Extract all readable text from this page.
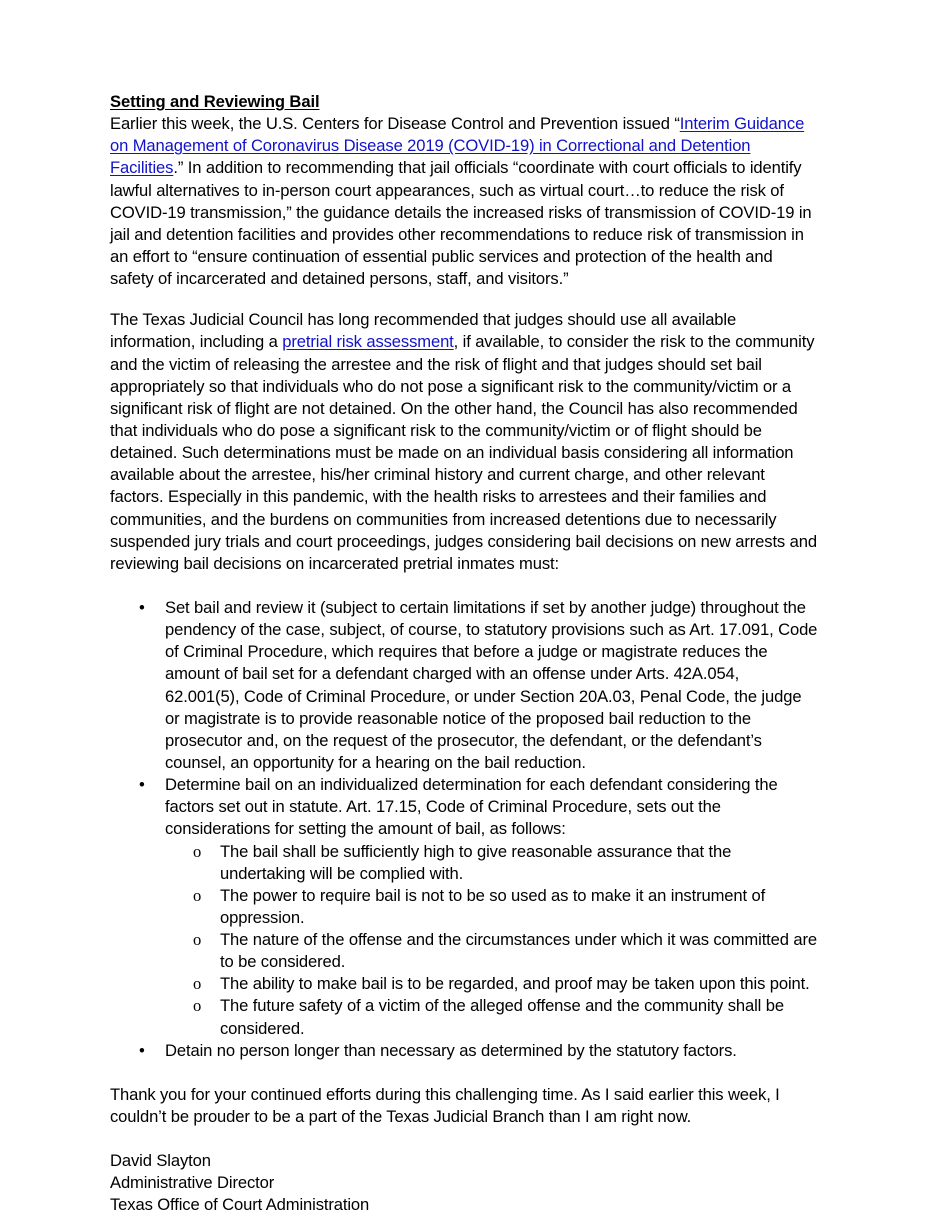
Setting and Reviewing Bail

Earlier this week, the U.S. Centers for Disease Control and Prevention issued “Interim Guidance on Management of Coronavirus Disease 2019 (COVID-19) in Correctional and Detention Facilities.” In addition to recommending that jail officials “coordinate with court officials to identify lawful alternatives to in-person court appearances, such as virtual court…to reduce the risk of COVID-19 transmission,” the guidance details the increased risks of transmission of COVID-19 in jail and detention facilities and provides other recommendations to reduce risk of transmission in an effort to “ensure continuation of essential public services and protection of the health and safety of incarcerated and detained persons, staff, and visitors.”

The Texas Judicial Council has long recommended that judges should use all available information, including a pretrial risk assessment, if available, to consider the risk to the community and the victim of releasing the arrestee and the risk of flight and that judges should set bail appropriately so that individuals who do not pose a significant risk to the community/victim or a significant risk of flight are not detained. On the other hand, the Council has also recommended that individuals who do pose a significant risk to the community/victim or of flight should be detained. Such determinations must be made on an individual basis considering all information available about the arrestee, his/her criminal history and current charge, and other relevant factors. Especially in this pandemic, with the health risks to arrestees and their families and communities, and the burdens on communities from increased detentions due to necessarily suspended jury trials and court proceedings, judges considering bail decisions on new arrests and reviewing bail decisions on incarcerated pretrial inmates must:

•	Set bail and review it (subject to certain limitations if set by another judge) throughout the pendency of the case, subject, of course, to statutory provisions such as Art. 17.091, Code of Criminal Procedure, which requires that before a judge or magistrate reduces the amount of bail set for a defendant charged with an offense under Arts. 42A.054, 62.001(5), Code of Criminal Procedure, or under Section 20A.03, Penal Code, the judge or magistrate is to provide reasonable notice of the proposed bail reduction to the prosecutor and, on the request of the prosecutor, the defendant, or the defendant’s counsel, an opportunity for a hearing on the bail reduction.
•	Determine bail on an individualized determination for each defendant considering the factors set out in statute. Art. 17.15, Code of Criminal Procedure, sets out the considerations for setting the amount of bail, as follows:
o The bail shall be sufficiently high to give reasonable assurance that the undertaking will be complied with.
o The power to require bail is not to be so used as to make it an instrument of oppression.
o The nature of the offense and the circumstances under which it was committed are to be considered.
o The ability to make bail is to be regarded, and proof may be taken upon this point.
o The future safety of a victim of the alleged offense and the community shall be considered.
•	Detain no person longer than necessary as determined by the statutory factors.

Thank you for your continued efforts during this challenging time. As I said earlier this week, I couldn’t be prouder to be a part of the Texas Judicial Branch than I am right now.

David Slayton

Administrative Director

Texas Office of Court Administration
